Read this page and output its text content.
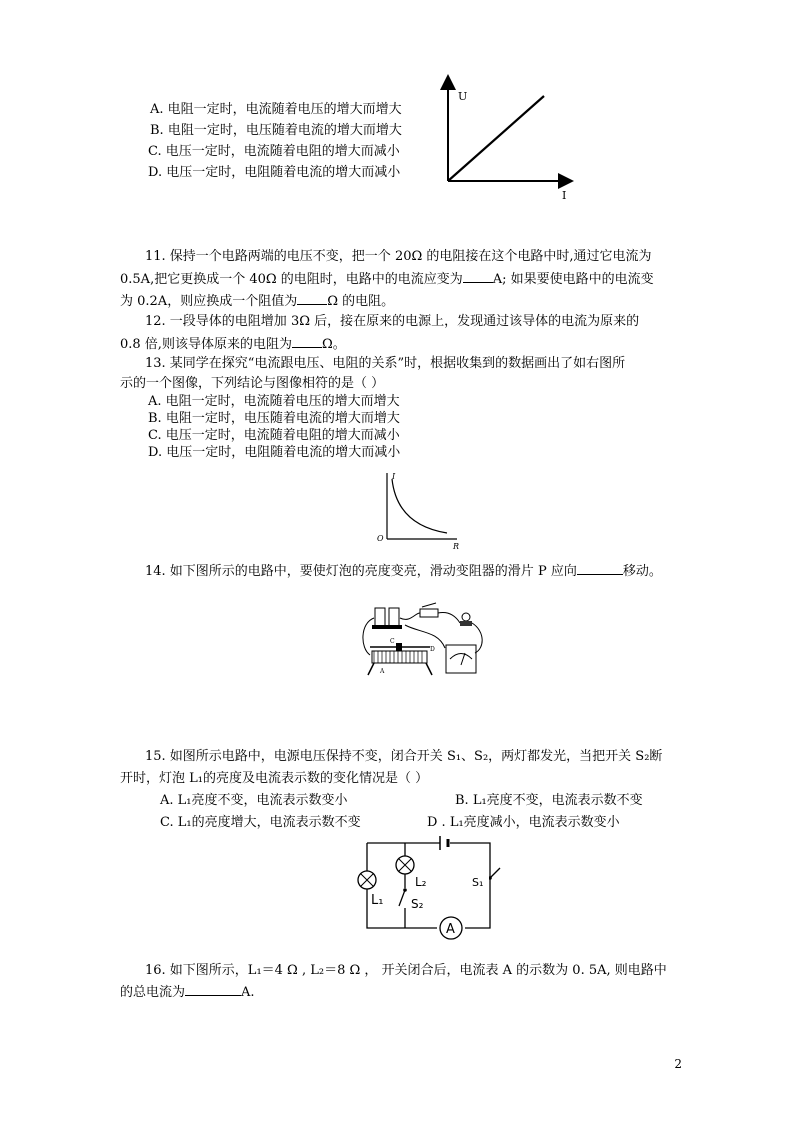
A. 电阻一定时，电流随着电压的增大而增大
B. 电阻一定时，电压随着电流的增大而增大
C. 电压一定时，电流随着电阻的增大而减小
D. 电压一定时，电阻随着电流的增大而减小
U
I
11. 保持一个电路两端的电压不变，把一个 20Ω 的电阻接在这个电路中时,通过它电流为
0.5A,把它更换成一个 40Ω 的电阻时，电路中的电流应变为 A; 如果要使电路中的电流变
为 0.2A，则应换成一个阻值为 Ω 的电阻。
12. 一段导体的电阻增加 3Ω 后，接在原来的电源上，发现通过该导体的电流为原来的
0.8 倍,则该导体原来的电阻为 Ω。
13. 某同学在探究“电流跟电压、电阻的关系”时，根据收集到的数据画出了如右图所
示的一个图像，下列结论与图像相符的是（ ）
A. 电阻一定时，电流随着电压的增大而增大
B. 电阻一定时，电压随着电流的增大而增大
C. 电压一定时，电流随着电阻的增大而减小
D. 电压一定时，电阻随着电流的增大而减小
I
R
O
14. 如下图所示的电路中，要使灯泡的亮度变亮，滑动变阻器的滑片 P 应向	移动。
C
D
A
15. 如图所示电路中，电源电压保持不变，闭合开关 S₁、S₂，两灯都发光，当把开关 S₂断
开时，灯泡 L₁的亮度及电流表示数的变化情况是（ ）
A. L₁亮度不变，电流表示数变小	B. L₁亮度不变，电流表示数不变
C. L₁的亮度增大，电流表示数不变	D . L₁亮度减小，电流表示数变小
L₁
L₂
S₂
S₁
A
16. 如下图所示，L₁＝4 Ω , L₂＝8 Ω ， 开关闭合后，电流表 A 的示数为 0. 5A, 则电路中
的总电流为	A.
2
